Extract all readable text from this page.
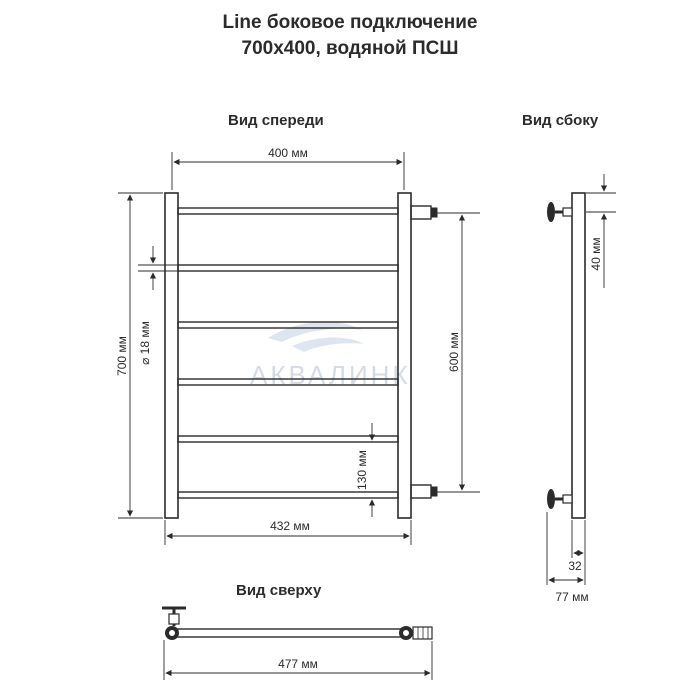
Line боковое подключение
700х400, водяной ПСШ
Вид спереди	Вид сбоку
Вид сверху
АКВАЛИНК
400 мм
700 мм ⌀ 18 мм	600 мм
130 мм
432 мм
40 мм
32
77 мм
477 мм
